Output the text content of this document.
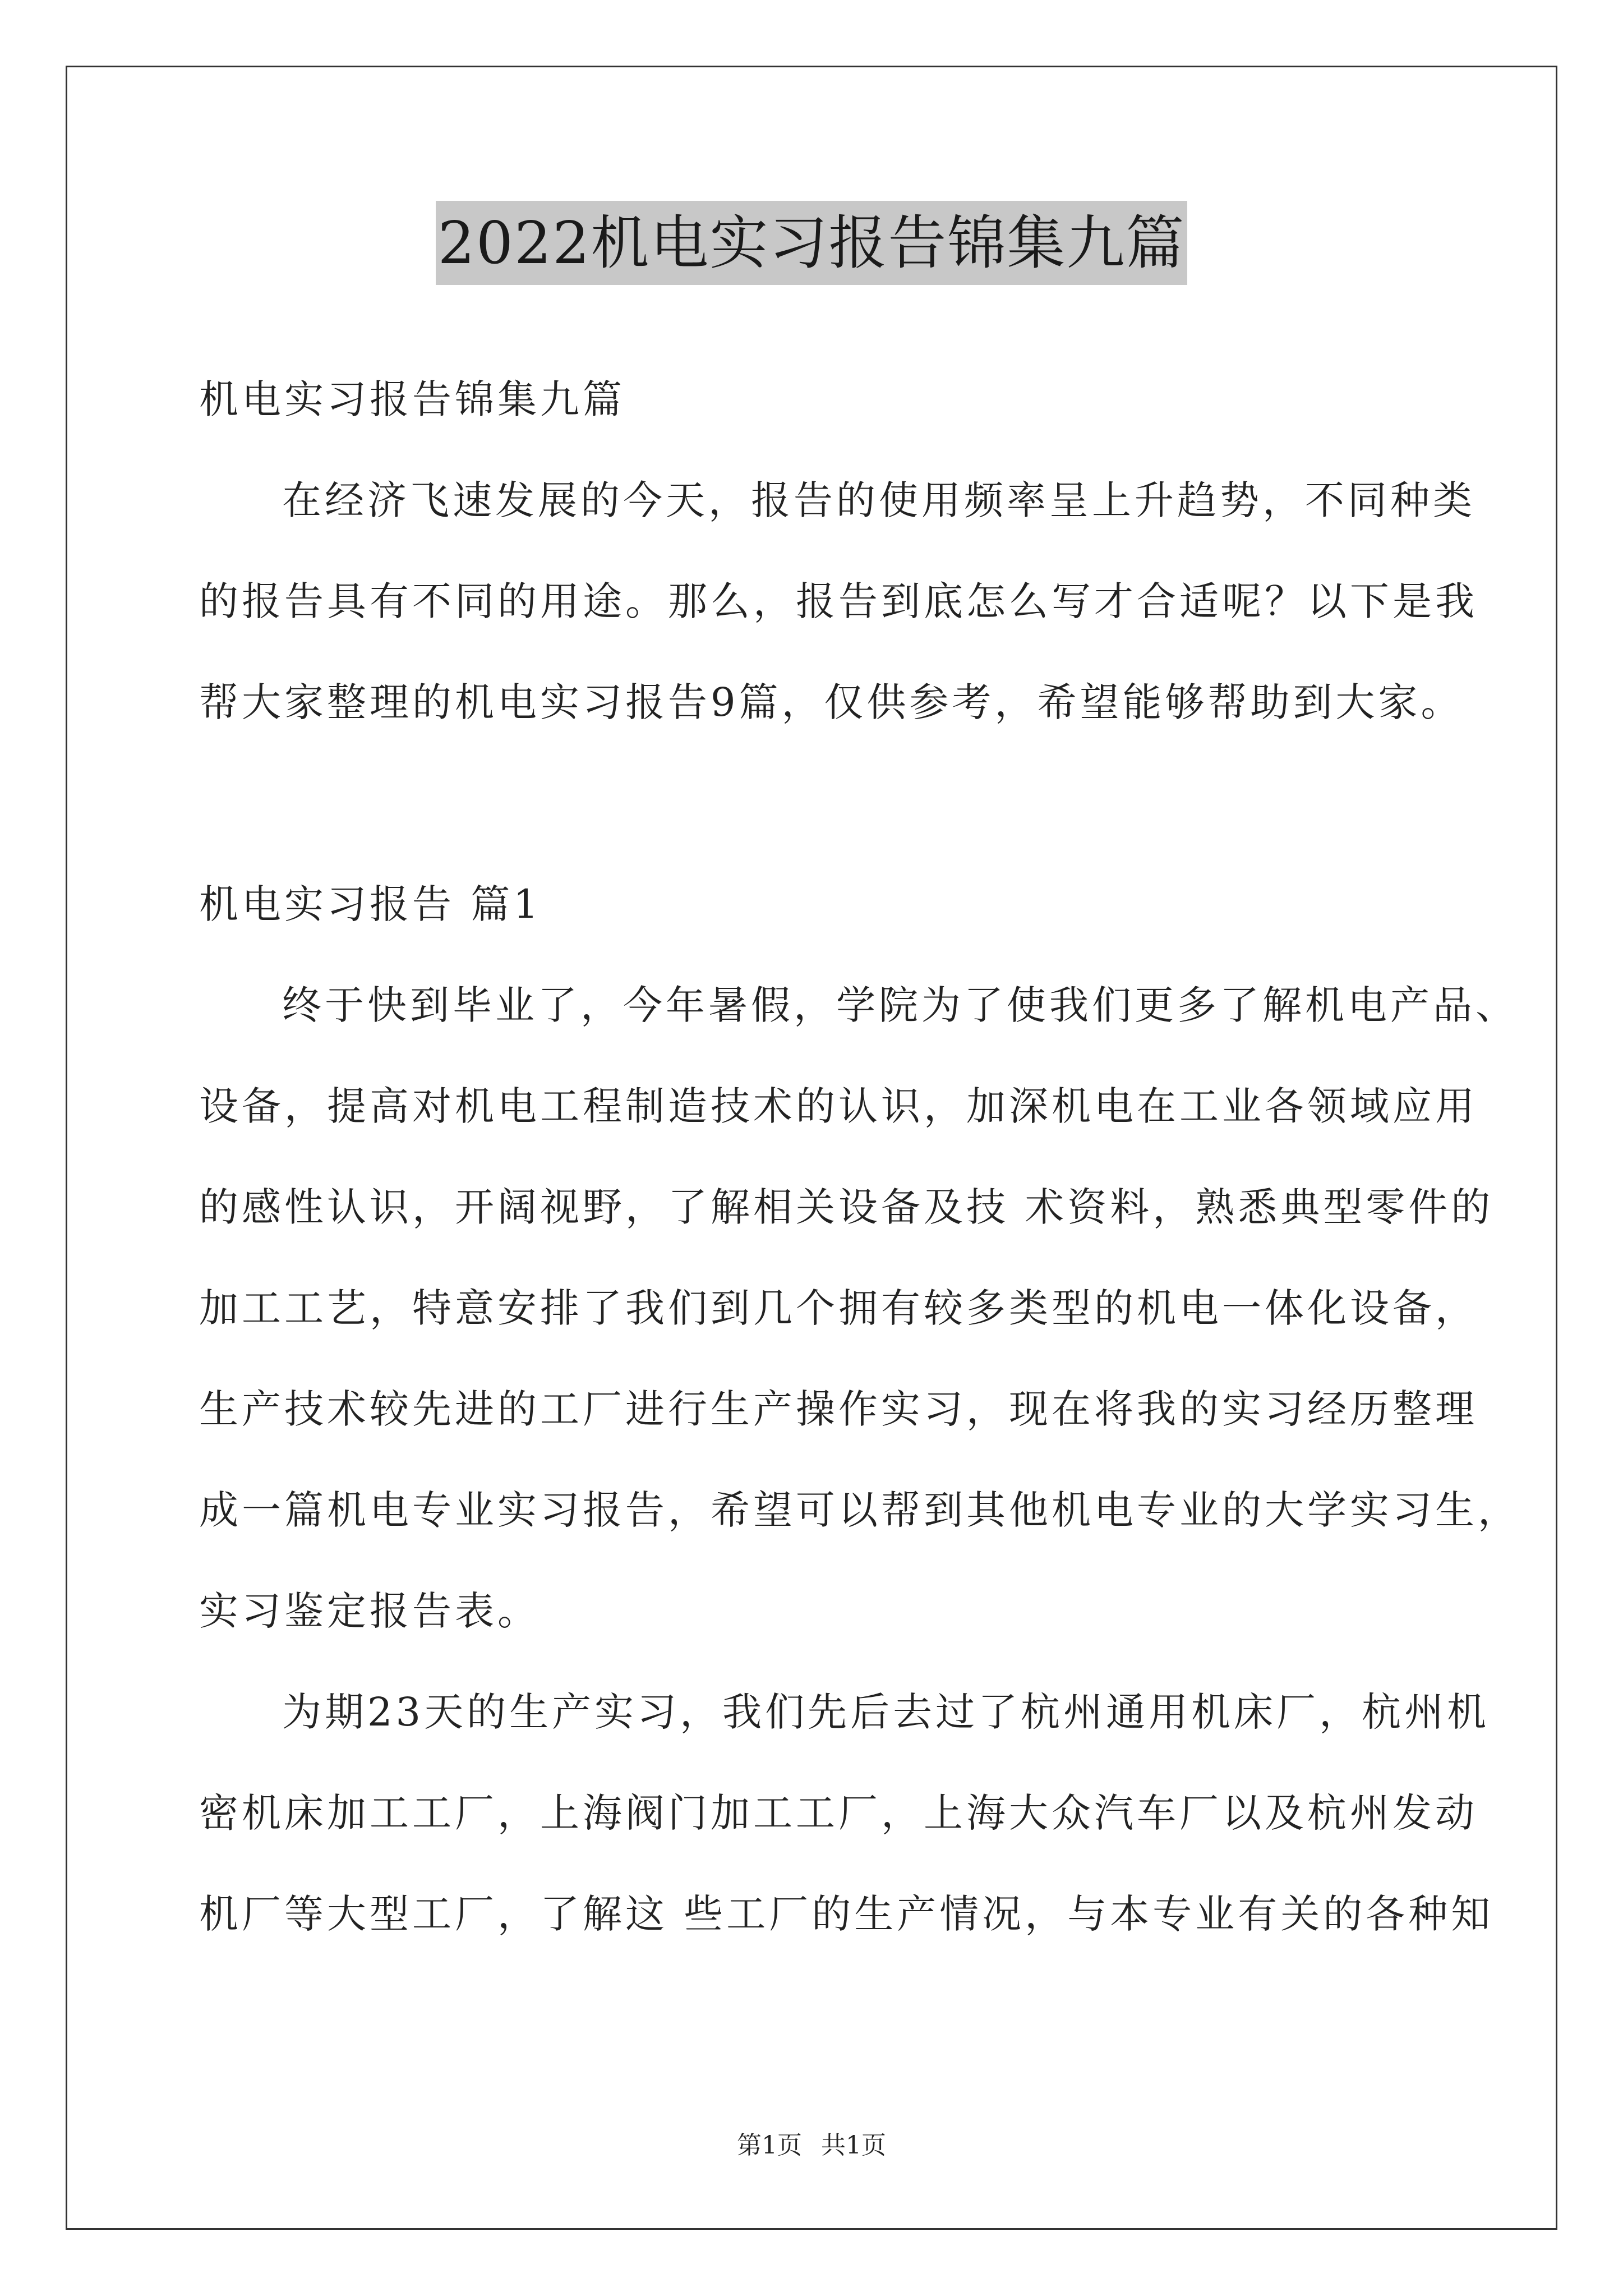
2022机电实习报告锦集九篇

机电实习报告锦集九篇

在经济飞速发展的今天，报告的使用频率呈上升趋势，不同种类

的报告具有不同的用途。那么，报告到底怎么写才合适呢？以下是我

帮大家整理的机电实习报告9篇，仅供参考，希望能够帮助到大家。

机电实习报告 篇1

终于快到毕业了，今年暑假，学院为了使我们更多了解机电产品、

设备，提高对机电工程制造技术的认识，加深机电在工业各领域应用

的感性认识，开阔视野，了解相关设备及技 术资料，熟悉典型零件的

加工工艺，特意安排了我们到几个拥有较多类型的机电一体化设备，

生产技术较先进的工厂进行生产操作实习，现在将我的实习经历整理

成一篇机电专业实习报告，希望可以帮到其他机电专业的大学实习生，

实习鉴定报告表。

为期23天的生产实习，我们先后去过了杭州通用机床厂，杭州机

密机床加工工厂，上海阀门加工工厂，上海大众汽车厂以及杭州发动

机厂等大型工厂，了解这 些工厂的生产情况，与本专业有关的各种知

第1页 共1页
